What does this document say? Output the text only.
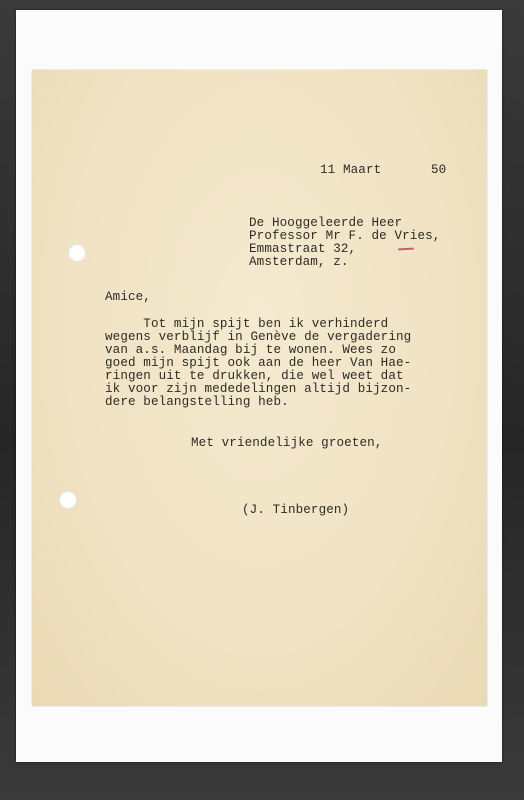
11 Maart	50
De Hooggeleerde Heer
Professor Mr F. de Vries,
Emmastraat 32,
Amsterdam, z.
Amice,
Tot mijn spijt ben ik verhinderd
wegens verblijf in Genève de vergadering
van a.s. Maandag bij te wonen. Wees zo
goed mijn spijt ook aan de heer Van Hae-
ringen uit te drukken, die wel weet dat
ik voor zijn mededelingen altijd bijzon-
dere belangstelling heb.
Met vriendelijke groeten,
(J. Tinbergen)
